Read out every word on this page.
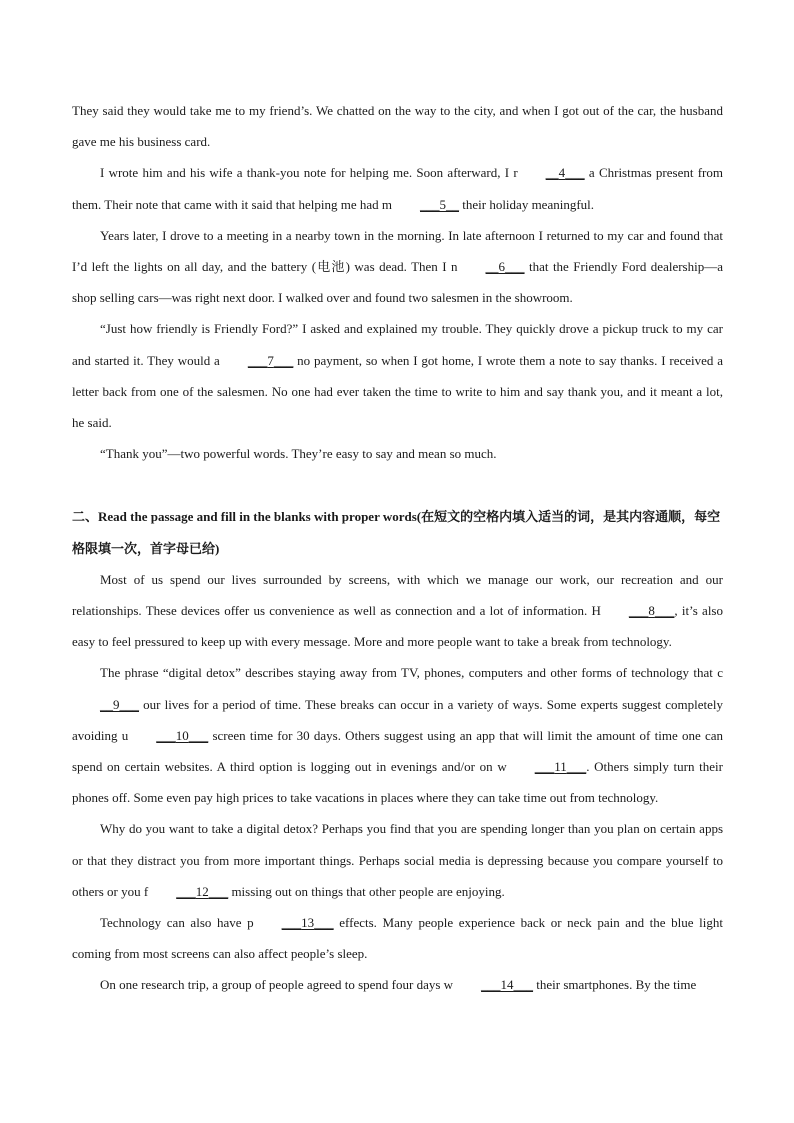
They said they would take me to my friend’s. We chatted on the way to the city, and when I got out of the car, the husband gave me his business card.

I wrote him and his wife a thank-you note for helping me. Soon afterward, I r __4___ a Christmas present from them. Their note that came with it said that helping me had m ___5__ their holiday meaningful.

Years later, I drove to a meeting in a nearby town in the morning. In late afternoon I returned to my car and found that I’d left the lights on all day, and the battery (电池) was dead. Then I n __6___ that the Friendly Ford dealership—a shop selling cars—was right next door. I walked over and found two salesmen in the showroom.

“Just how friendly is Friendly Ford?” I asked and explained my trouble. They quickly drove a pickup truck to my car and started it. They would a ___7___ no payment, so when I got home, I wrote them a note to say thanks. I received a letter back from one of the salesmen. No one had ever taken the time to write to him and say thank you, and it meant a lot, he said.

“Thank you”—two powerful words. They’re easy to say and mean so much.

二、Read the passage and fill in the blanks with proper words(在短文的空格内填入适当的词，是其内容通顺，每空格限填一次，首字母已给)

Most of us spend our lives surrounded by screens, with which we manage our work, our recreation and our relationships. These devices offer us convenience as well as connection and a lot of information. H ___8___, it’s also easy to feel pressured to keep up with every message. More and more people want to take a break from technology.

The phrase “digital detox” describes staying away from TV, phones, computers and other forms of technology that c__9___ our lives for a period of time. These breaks can occur in a variety of ways. Some experts suggest completely avoiding u ___10___ screen time for 30 days. Others suggest using an app that will limit the amount of time one can spend on certain websites. A third option is logging out in evenings and/or on w ___11___. Others simply turn their phones off. Some even pay high prices to take vacations in places where they can take time out from technology.

Why do you want to take a digital detox? Perhaps you find that you are spending longer than you plan on certain apps or that they distract you from more important things. Perhaps social media is depressing because you compare yourself to others or you f ___12___ missing out on things that other people are enjoying.

Technology can also have p ___13___ effects. Many people experience back or neck pain and the blue light coming from most screens can also affect people’s sleep.

On one research trip, a group of people agreed to spend four days w ___14___ their smartphones. By the time
